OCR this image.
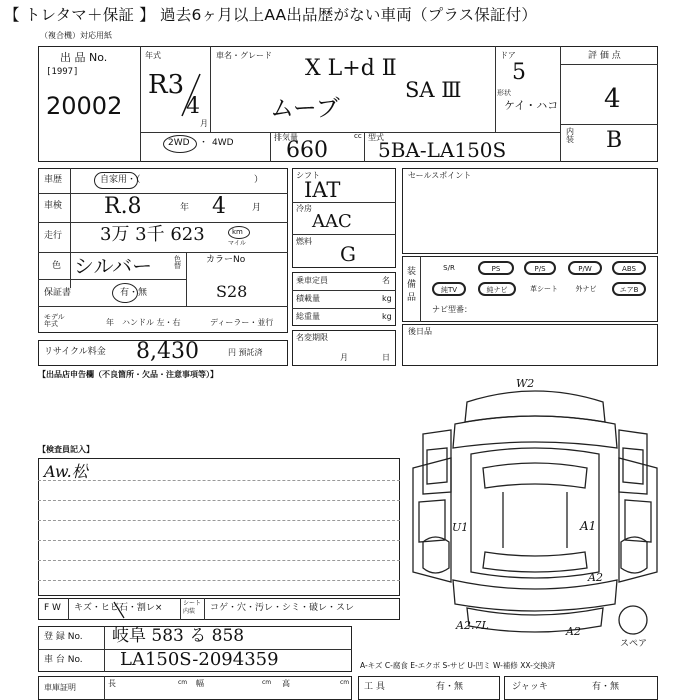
【 トレタマ＋保証 】 過去6ヶ月以上AA出品歴がない車両（プラス保証付）
（複合機）対応用紙
出 品 No.
[1997]
20002
年式
R3
4
月
車名・グレード
X L+d Ⅱ
SA Ⅲ
ムーブ
ドア
5
形状
ケイ・ハコ
評 価 点
4
内装 B
2WD ・ 4WD
排気量	cc
660
型式
5BA-LA150S
車歴	自家用・（	）
車検 R.8	年 4	月
走行 3万 3千 623	km
マイル
色 シルバー	色替
カラーNo
S28
保証書	有・無
モデル年式	年 ハンドル 左・右	ディーラー・並行
リサイクル料金 8,430	円 預託済
シフト
IAT
冷房
AAC
燃料
G
乗車定員	名
積載量	kg
総重量	kg
名変期限
月	日
セールスポイント
装備品
S/R	PS	P/S	P/W	ABS
純TV	純ナビ	革シート	外ナビ	エアB
ナビ型番：
後日品
【出品店申告欄（不良箇所・欠品・注意事項等）】
【検査員記入】
Aw.松
F W キズ・ヒビ石・割レ×	シート内装	コゲ・穴・汚レ・シミ・破レ・スレ
W2
U1	A1
A2
A2.7L	A2
スペア
A-キズ C-腐食 E-エクボ S-サビ U-凹ミ W-補修 XX-交換済
登 録 No. 岐阜 583 る 858
車 台 No. LA150S-2094359
車庫証明	長	cm 幅	cm 高	cm 工 具	有・無	ジャッキ	有・無
